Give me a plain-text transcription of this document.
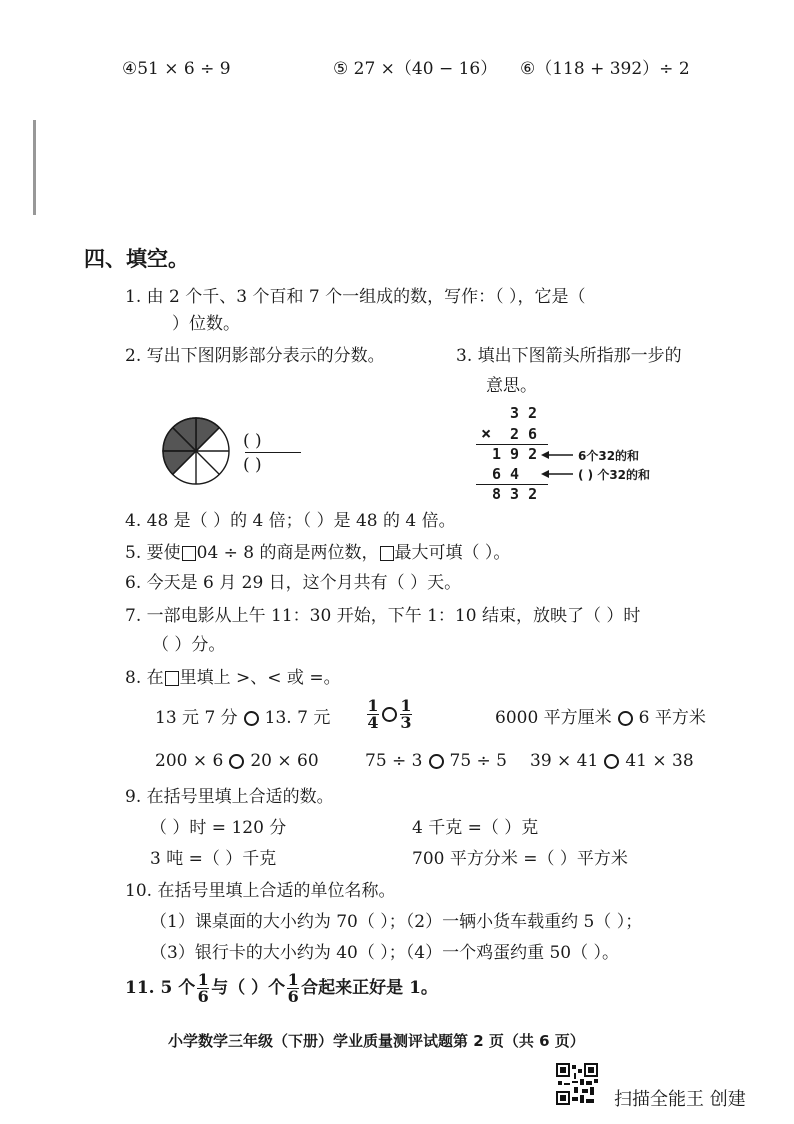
④51 × 6 ÷ 9	⑤ 27 ×（40 − 16） ⑥（118 + 392）÷ 2
四、填空。
1. 由 2 个千、3 个百和 7 个一组成的数，写作：（ ），它是（
）位数。
2. 写出下图阴影部分表示的分数。
( )
( )
3. 填出下图箭头所指那一步的
意思。
3 2
× 2 6
1 9 2
6 4
8 3 2
6个32的和
( ) 个32的和
4. 48 是（ ）的 4 倍；（ ）是 48 的 4 倍。
5. 要使 04 ÷ 8 的商是两位数， 最大可填（ ）。
6. 今天是 6 月 29 日，这个月共有（ ）天。
7. 一部电影从上午 11：30 开始，下午 1：10 结束，放映了（ ）时
（ ）分。
8. 在 里填上 >、< 或 =。
13 元 7 分 13. 7 元 $\frac{1}{4} \frac{1}{3}$	6000 平方厘米 6 平方米
200 × 6 20 × 60	75 ÷ 3 75 ÷ 5 39 × 41 41 × 38
9. 在括号里填上合适的数。
（ ）时 = 120 分	4 千克 =（ ）克
3 吨 =（ ）千克	700 平方分米 =（ ）平方米
10. 在括号里填上合适的单位名称。
（1）课桌面的大小约为 70（ ）；（2）一辆小货车载重约 5（ ）；
（3）银行卡的大小约为 40（ ）；（4）一个鸡蛋约重 50（ ）。
11. 5 个 $\frac{1}{6}$ 与（ ）个 $\frac{1}{6}$ 合起来正好是 1。
小学数学三年级（下册）学业质量测评试题第 2 页（共 6 页）
扫描全能王 创建
